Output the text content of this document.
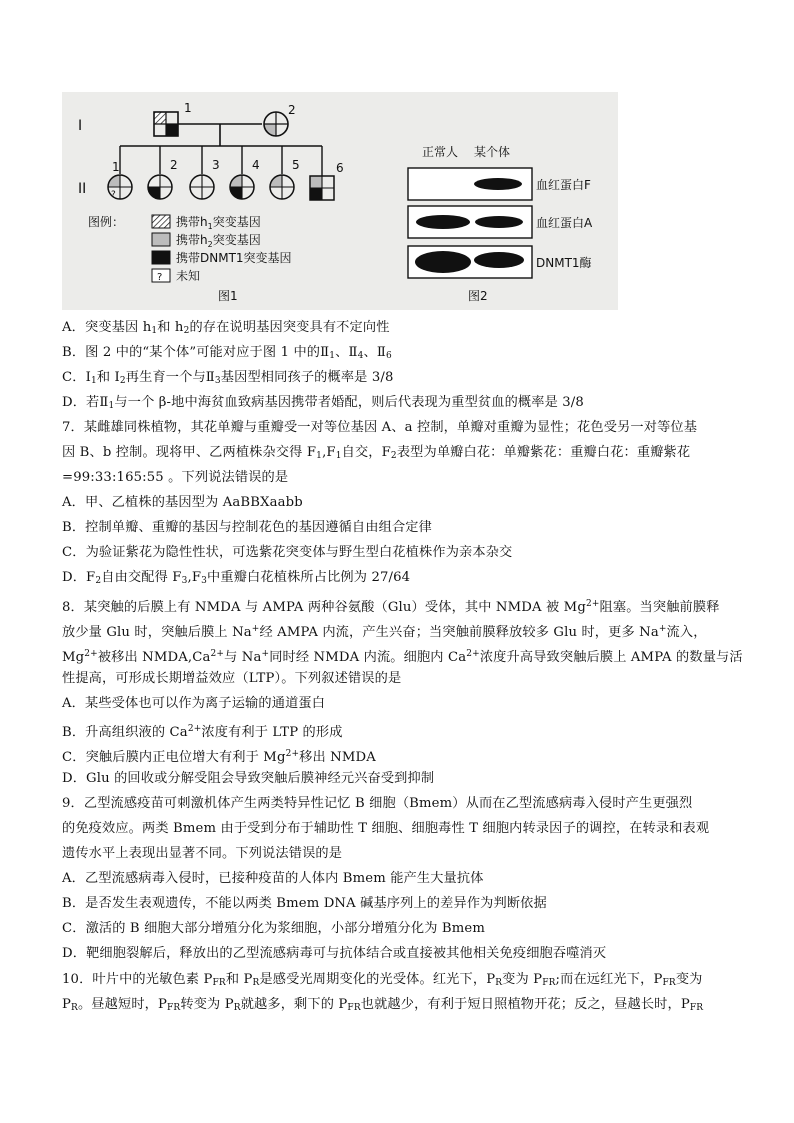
I
II
1	2
?
1	2	3	4	5	6
图例：	携带$h_1$突变基因
携带$h_2$突变基因
携带DNMT1突变基因
? 未知
图1
正常人 某个体
血红蛋白F
血红蛋白A
DNMT1酶
图2
A．突变基因 $h_1$和 $h_2$的存在说明基因突变具有不定向性
B．图 2 中的“某个体”可能对应于图 1 中的$Ⅱ_1$、$Ⅱ_4$、$Ⅱ_6$
C．$I_1$和 $I_2$再生育一个与$Ⅱ_3$基因型相同孩子的概率是 3/8
D．若$Ⅱ_1$与一个 β-地中海贫血致病基因携带者婚配，则后代表现为重型贫血的概率是 3/8
7．某雌雄同株植物，其花单瓣与重瓣受一对等位基因 A、a 控制，单瓣对重瓣为显性；花色受另一对等位基
因 B、b 控制。现将甲、乙两植株杂交得 $F_1,F_1$自交，$F_2$表型为单瓣白花：单瓣紫花：重瓣白花：重瓣紫花
=99:33:165:55 。下列说法错误的是
A．甲、乙植株的基因型为 AaBBXaabb
B．控制单瓣、重瓣的基因与控制花色的基因遵循自由组合定律
C．为验证紫花为隐性性状，可选紫花突变体与野生型白花植株作为亲本杂交
D．$F_2$自由交配得 $F_3,F_3$中重瓣白花植株所占比例为 27/64
8．某突触的后膜上有 NMDA 与 AMPA 两种谷氨酸（Glu）受体，其中 NMDA 被 $Mg^{2+}$阻塞。当突触前膜释
放少量 Glu 时，突触后膜上 Na+经 AMPA 内流，产生兴奋；当突触前膜释放较多 Glu 时，更多 Na+流入，
$Mg^{2+}$被移出 $NMDA,Ca^{2+}$与 Na+同时经 NMDA 内流。细胞内 $Ca^{2+}$浓度升高导致突触后膜上 AMPA 的数量与活
性提高，可形成长期增益效应（LTP）。下列叙述错误的是
A．某些受体也可以作为离子运输的通道蛋白
B．升高组织液的 $Ca^{2+}$浓度有利于 LTP 的形成
C．突触后膜内正电位增大有利于 $Mg^{2+}$移出 NMDA
D．Glu 的回收或分解受阻会导致突触后膜神经元兴奋受到抑制
9．乙型流感疫苗可刺激机体产生两类特异性记忆 B 细胞（Bmem）从而在乙型流感病毒入侵时产生更强烈
的免疫效应。两类 Bmem 由于受到分布于辅助性 T 细胞、细胞毒性 T 细胞内转录因子的调控，在转录和表观
遗传水平上表现出显著不同。下列说法错误的是
A．乙型流感病毒入侵时，已接种疫苗的人体内 Bmem 能产生大量抗体
B．是否发生表观遗传，不能以两类 Bmem DNA 碱基序列上的差异作为判断依据
C．激活的 B 细胞大部分增殖分化为浆细胞，小部分增殖分化为 Bmem
D．靶细胞裂解后，释放出的乙型流感病毒可与抗体结合或直接被其他相关免疫细胞吞噬消灭
10．叶片中的光敏色素 $P_{FR}$和 $P_R$是感受光周期变化的光受体。红光下，$P_R$变为 $P_{FR}$;而在远红光下，$P_{FR}$变为
$P_R$。昼越短时，$P_{FR}$转变为 $P_R$就越多，剩下的 $P_{FR}$也就越少，有利于短日照植物开花；反之，昼越长时，$P_{FR}$
